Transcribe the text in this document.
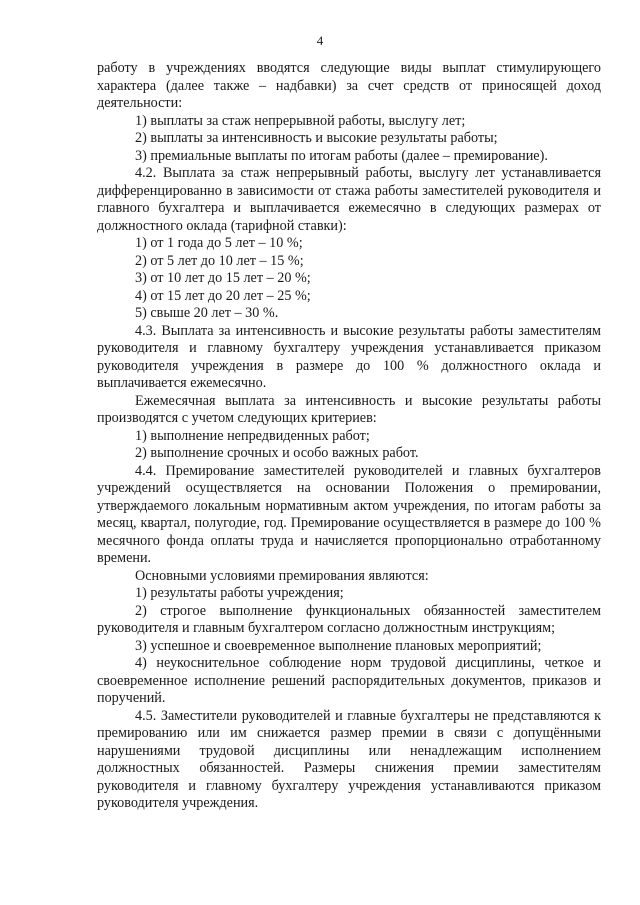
4

работу в учреждениях вводятся следующие виды выплат стимулирующего характера (далее также – надбавки) за счет средств от приносящей доход деятельности:

1) выплаты за стаж непрерывной работы, выслугу лет;

2) выплаты за интенсивность и высокие результаты работы;

3) премиальные выплаты по итогам работы (далее – премирование).

4.2. Выплата за стаж непрерывный работы, выслугу лет устанавливается дифференцированно в зависимости от стажа работы заместителей руководителя и главного бухгалтера и выплачивается ежемесячно в следующих размерах от должностного оклада (тарифной ставки):

1) от 1 года до 5 лет – 10 %;

2) от 5 лет до 10 лет – 15 %;

3) от 10 лет до 15 лет – 20 %;

4) от 15 лет до 20 лет – 25 %;

5) свыше 20 лет – 30 %.

4.3. Выплата за интенсивность и высокие результаты работы заместителям руководителя и главному бухгалтеру учреждения устанавливается приказом руководителя учреждения в размере до 100 % должностного оклада и выплачивается ежемесячно.

Ежемесячная выплата за интенсивность и высокие результаты работы производятся с учетом следующих критериев:

1) выполнение непредвиденных работ;

2) выполнение срочных и особо важных работ.

4.4. Премирование заместителей руководителей и главных бухгалтеров учреждений осуществляется на основании Положения о премировании, утверждаемого локальным нормативным актом учреждения, по итогам работы за месяц, квартал, полугодие, год. Премирование осуществляется в размере до 100 % месячного фонда оплаты труда и начисляется пропорционально отработанному времени.

Основными условиями премирования являются:

1) результаты работы учреждения;

2) строгое выполнение функциональных обязанностей заместителем руководителя и главным бухгалтером согласно должностным инструкциям;

3) успешное и своевременное выполнение плановых мероприятий;

4) неукоснительное соблюдение норм трудовой дисциплины, четкое и своевременное исполнение решений распорядительных документов, приказов и поручений.

4.5. Заместители руководителей и главные бухгалтеры не представляются к премированию или им снижается размер премии в связи с допущёнными нарушениями трудовой дисциплины или ненадлежащим исполнением должностных обязанностей. Размеры снижения премии заместителям руководителя и главному бухгалтеру учреждения устанавливаются приказом руководителя учреждения.
